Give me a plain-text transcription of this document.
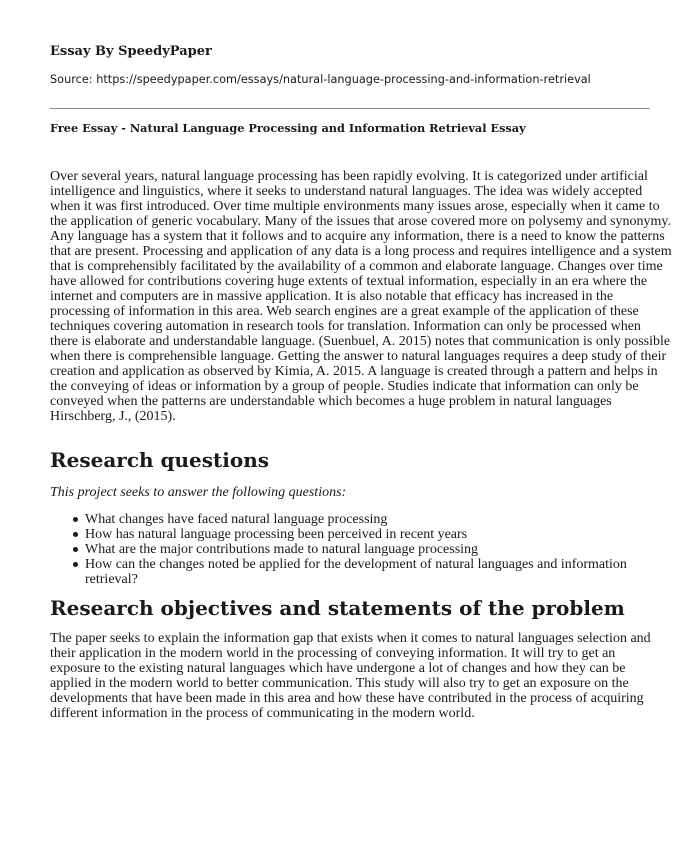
Essay By SpeedyPaper
Source: https://speedypaper.com/essays/natural-language-processing-and-information-retrieval
Free Essay - Natural Language Processing and Information Retrieval Essay

Over several years, natural language processing has been rapidly evolving. It is categorized under artificial intelligence and linguistics, where it seeks to understand natural languages. The idea was widely accepted when it was first introduced. Over time multiple environments many issues arose, especially when it came to the application of generic vocabulary. Many of the issues that arose covered more on polysemy and synonymy. Any language has a system that it follows and to acquire any information, there is a need to know the patterns that are present. Processing and application of any data is a long process and requires intelligence and a system that is comprehensibly facilitated by the availability of a common and elaborate language. Changes over time have allowed for contributions covering huge extents of textual information, especially in an era where the internet and computers are in massive application. It is also notable that efficacy has increased in the processing of information in this area. Web search engines are a great example of the application of these techniques covering automation in research tools for translation. Information can only be processed when there is elaborate and understandable language. (Suenbuel, A. 2015) notes that communication is only possible when there is comprehensible language. Getting the answer to natural languages requires a deep study of their creation and application as observed by Kimia, A. 2015. A language is created through a pattern and helps in the conveying of ideas or information by a group of people. Studies indicate that information can only be conveyed when the patterns are understandable which becomes a huge problem in natural languages Hirschberg, J., (2015).

Research questions
This project seeks to answer the following questions:
What changes have faced natural language processing
How has natural language processing been perceived in recent years
What are the major contributions made to natural language processing
How can the changes noted be applied for the development of natural languages and information retrieval?
Research objectives and statements of the problem

The paper seeks to explain the information gap that exists when it comes to natural languages selection and their application in the modern world in the processing of conveying information. It will try to get an exposure to the existing natural languages which have undergone a lot of changes and how they can be applied in the modern world to better communication. This study will also try to get an exposure on the developments that have been made in this area and how these have contributed in the process of acquiring different information in the process of communicating in the modern world.
